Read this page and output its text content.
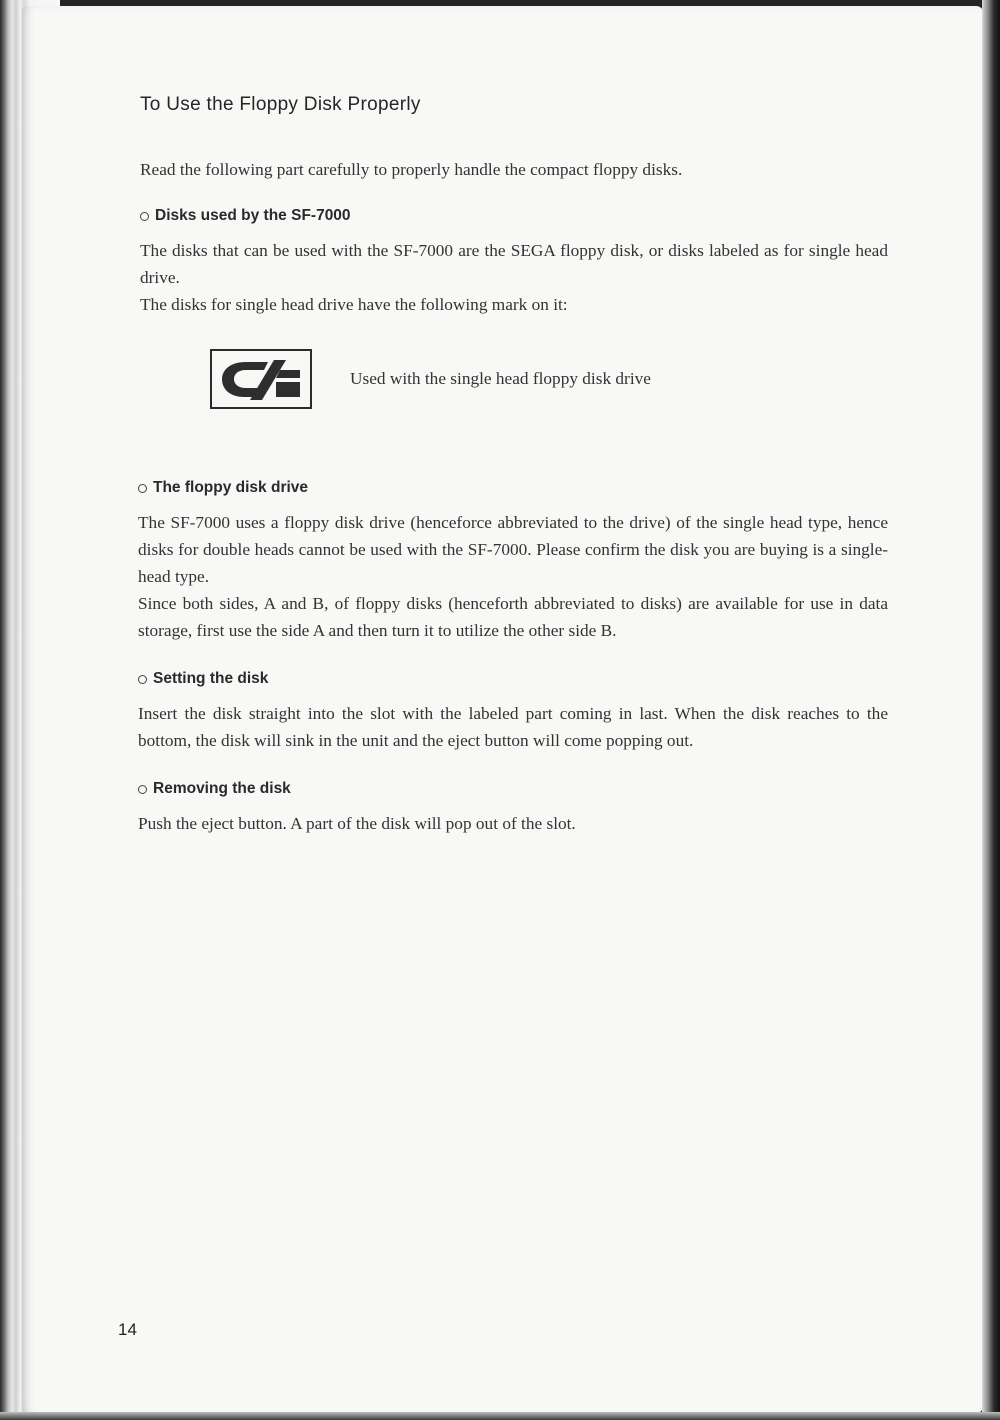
To Use the Floppy Disk Properly

Read the following part carefully to properly handle the compact floppy disks.

Disks used by the SF-7000

The disks that can be used with the SF-7000 are the SEGA floppy disk, or disks labeled as for single head drive.

The disks for single head drive have the following mark on it:

Used with the single head floppy disk drive
The floppy disk drive

The SF-7000 uses a floppy disk drive (henceforce abbreviated to the drive) of the single head type, hence disks for double heads cannot be used with the SF-7000. Please confirm the disk you are buying is a single-head type.

Since both sides, A and B, of floppy disks (henceforth abbreviated to disks) are available for use in data storage, first use the side A and then turn it to utilize the other side B.

Setting the disk

Insert the disk straight into the slot with the labeled part coming in last. When the disk reaches to the bottom, the disk will sink in the unit and the eject button will come popping out.

Removing the disk

Push the eject button. A part of the disk will pop out of the slot.

14
